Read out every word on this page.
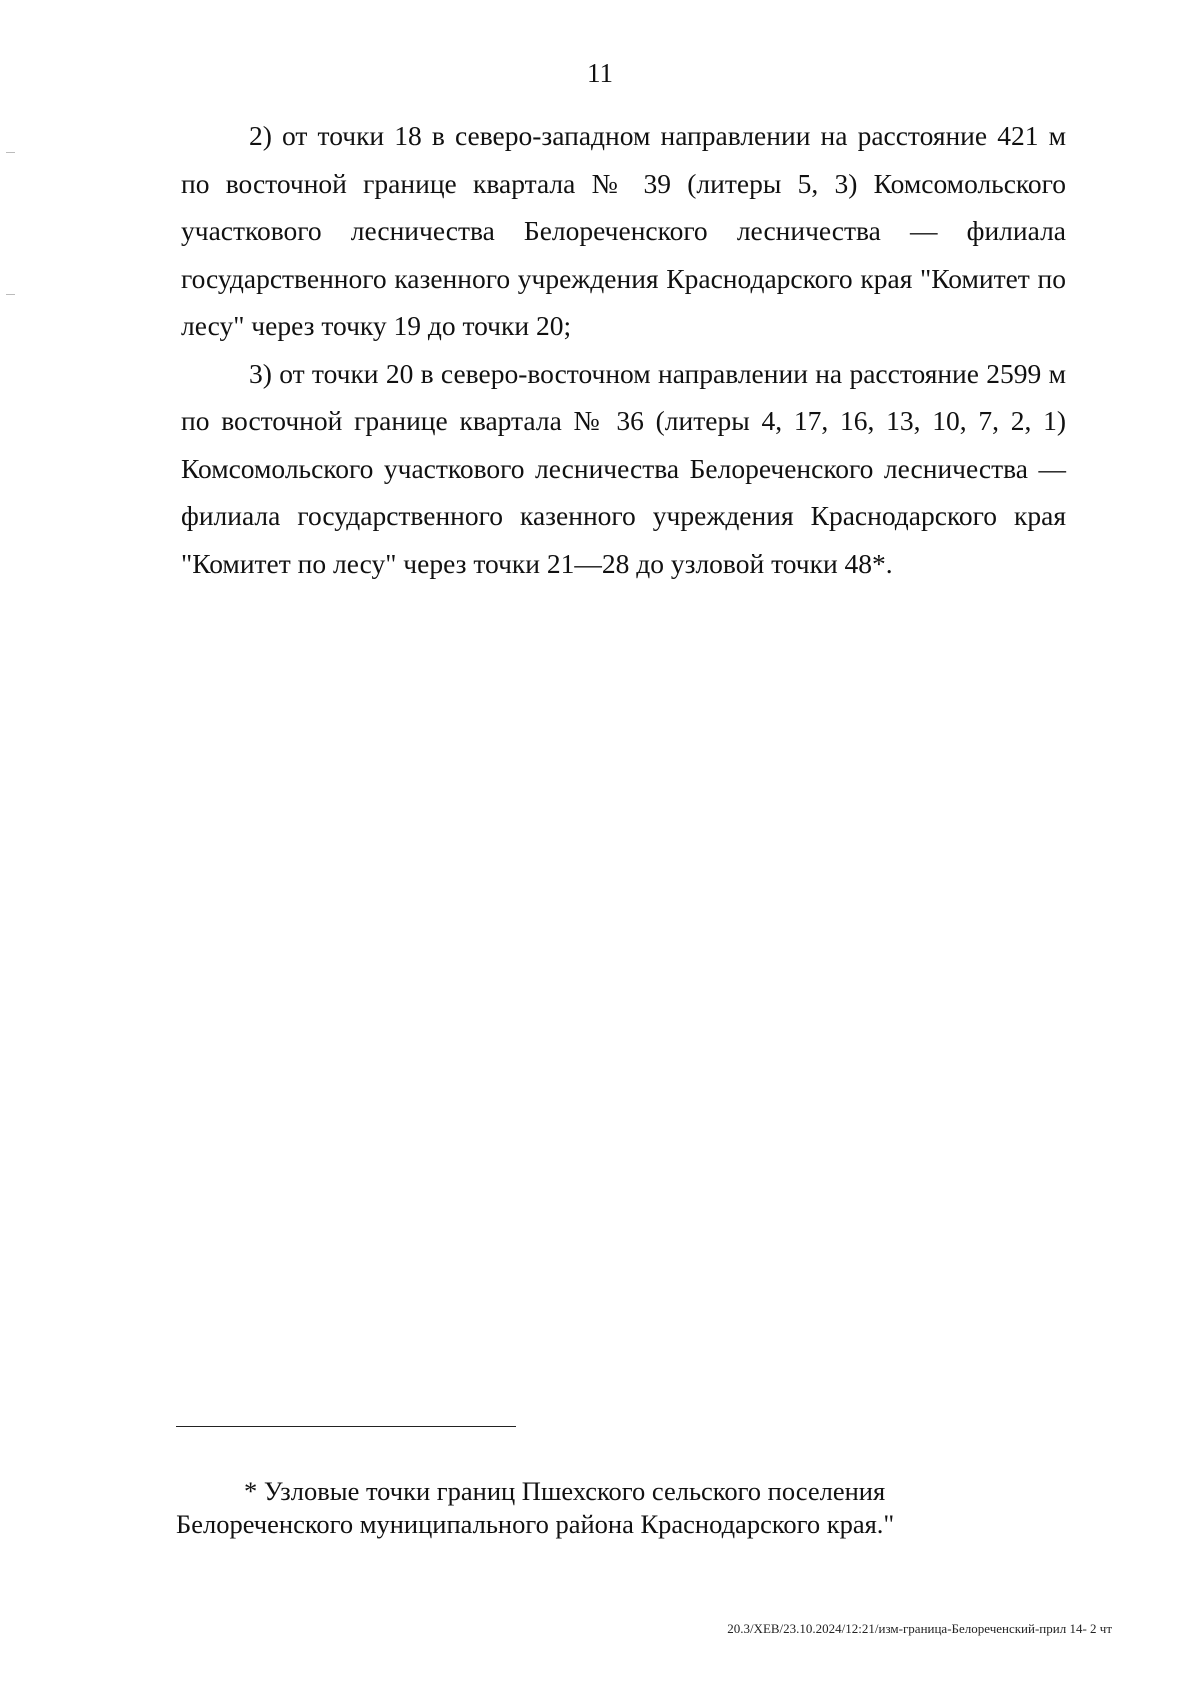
11

2) от точки 18 в северо-западном направлении на расстояние 421 м по восточной границе квартала № 39 (литеры 5, 3) Комсомольского участкового лесничества Белореченского лесничества — филиала государственного казенного учреждения Краснодарского края "Комитет по лесу" через точку 19 до точки 20;

3) от точки 20 в северо-восточном направлении на расстояние 2599 м по восточной границе квартала № 36 (литеры 4, 17, 16, 13, 10, 7, 2, 1) Комсомольского участкового лесничества Белореченского лесничества — филиала государственного казенного учреждения Краснодарского края "Комитет по лесу" через точки 21—28 до узловой точки 48*.

* Узловые точки границ Пшехского сельского поселения Белореченского муниципального района Краснодарского края."

20.3/ХЕВ/23.10.2024/12:21/изм-граница-Белореченский-прил 14- 2 чт
